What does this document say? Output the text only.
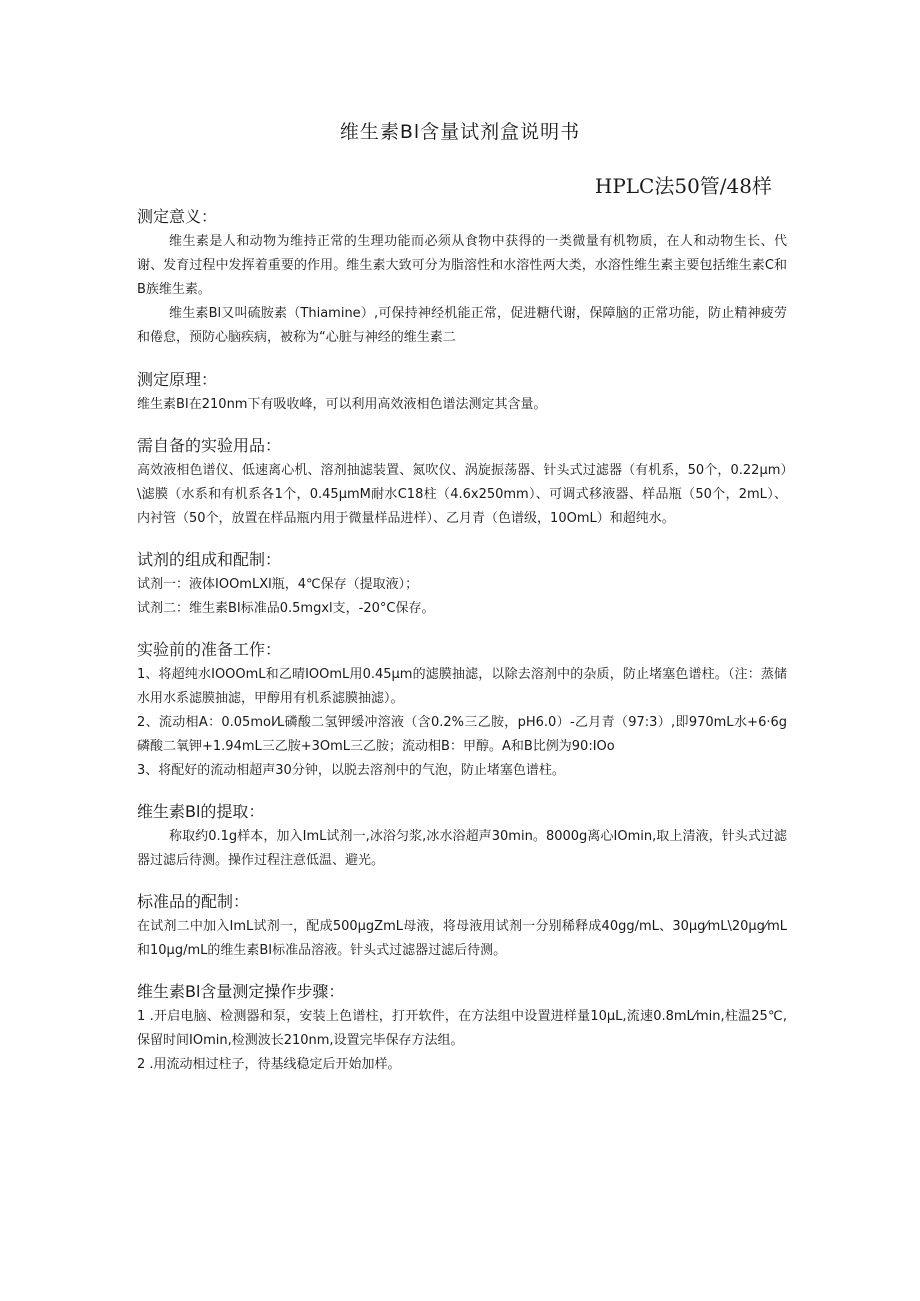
维生素Bl含量试剂盒说明书
HPLC法50管/48样
测定意义：

维生素是人和动物为维持正常的生理功能而必须从食物中获得的一类微量有机物质，在人和动物生长、代谢、发育过程中发挥着重要的作用。维生素大致可分为脂溶性和水溶性两大类，水溶性维生素主要包括维生素C和B族维生素。

维生素Bl又叫硫胺素（Thiamine）,可保持神经机能正常，促进糖代谢，保障脑的正常功能，防止精神疲劳和倦怠，预防心脑疾病，被称为“心脏与神经的维生素二

测定原理：

维生素BI在210nm下有吸收峰，可以利用高效液相色谱法测定其含量。

需自备的实验用品：

高效液相色谱仪、低速离心机、溶剂抽滤装置、氮吹仪、涡旋振荡器、针头式过滤器（有机系，50个，0.22μm）\滤膜（水系和有机系各1个，0.45μmM耐水C18柱（4.6x250mm）、可调式移液器、样品瓶（50个，2mL）、内衬管（50个，放置在样品瓶内用于微量样品进样）、乙月青（色谱级，10OmL）和超纯水。

试剂的组成和配制：

试剂一：液体IOOmLXl瓶，4℃保存（提取液）；

试剂二：维生素BI标准品0.5mgxl支，-20°C保存。

实验前的准备工作：

1、将超纯水IOOOmL和乙晴IOOmL用0.45μm的滤膜抽滤，以除去溶剂中的杂质，防止堵塞色谱柱。（注：蒸储水用水系滤膜抽滤，甲醇用有机系滤膜抽滤）。

2、流动相A：0.05moI⁄L磷酸二氢钾缓冲溶液（含0.2%三乙胺，pH6.0）-乙月青（97:3）,即970mL水+6·6g磷酸二氧钾+1.94mL三乙胺+3OmL三乙胺；流动相B：甲醇。A和B比例为90:IOo

3、将配好的流动相超声30分钟，以脱去溶剂中的气泡，防止堵塞色谱柱。

维生素Bl的提取：

称取约0.1g样本，加入ImL试剂一,冰浴匀浆,冰水浴超声30min。8000g离心IOmin,取上清液，针头式过滤器过滤后待测。操作过程注意低温、避光。

标准品的配制：

在试剂二中加入ImL试剂一，配成500μgZmL母液，将母液用试剂一分别稀释成40gg/mL、30μg⁄mL\20μg⁄mL和10μg/mL的维生素BI标准品溶液。针头式过滤器过滤后待测。

维生素Bl含量测定操作步骤：

1 .开启电脑、检测器和泵，安装上色谱柱，打开软件，在方法组中设置进样量10μL,流速0.8mL⁄min,柱温25℃,保留时间IOmin,检测波长210nm,设置完毕保存方法组。

2 .用流动相过柱子，待基线稳定后开始加样。
